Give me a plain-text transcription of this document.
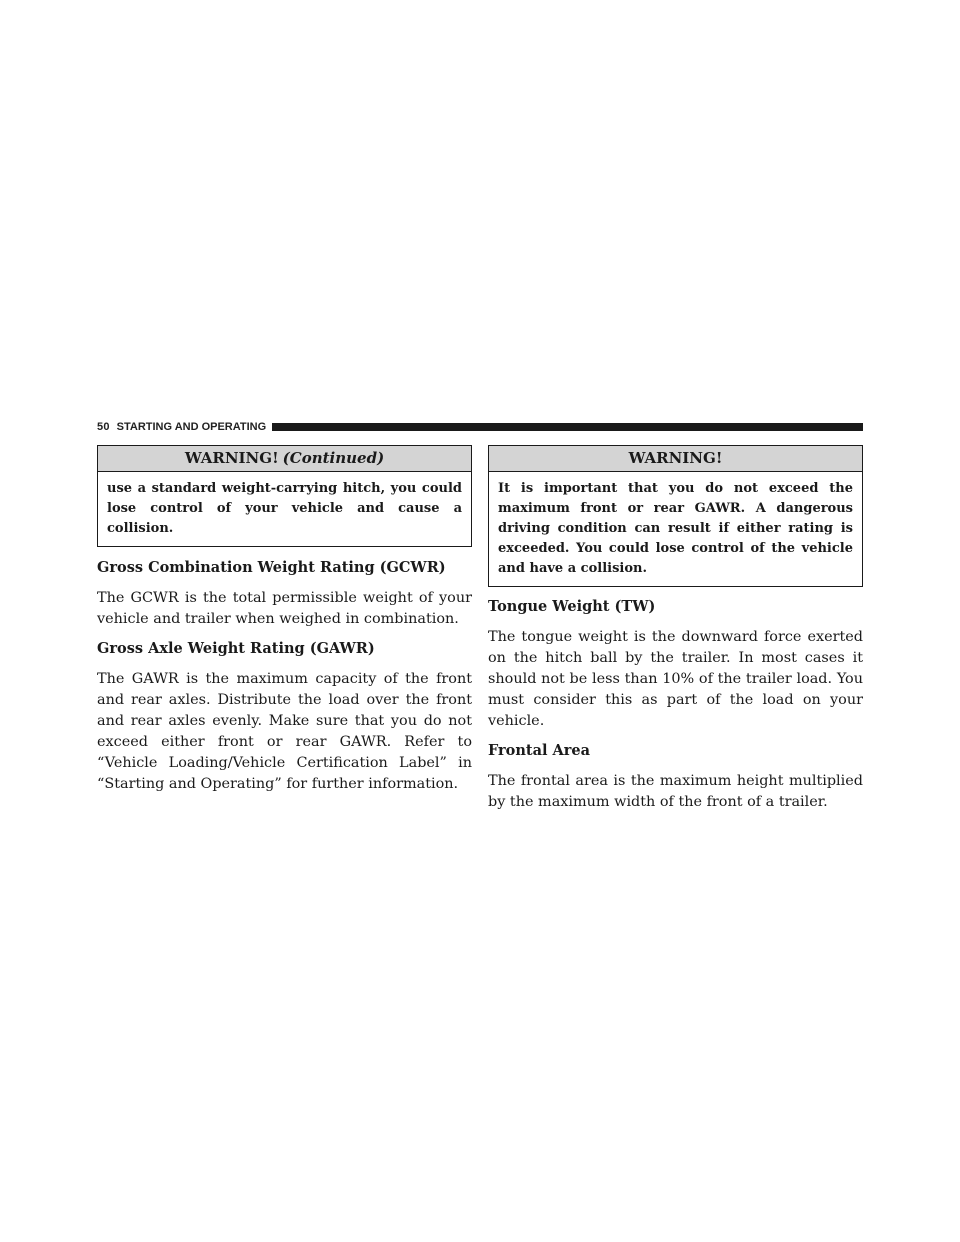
50 STARTING AND OPERATING
WARNING! (Continued)
use a standard weight-carrying hitch, you could lose control of your vehicle and cause a collision.

Gross Combination Weight Rating (GCWR)

The GCWR is the total permissible weight of your vehicle and trailer when weighed in combination.

Gross Axle Weight Rating (GAWR)

The GAWR is the maximum capacity of the front and rear axles. Distribute the load over the front and rear axles evenly. Make sure that you do not exceed either front or rear GAWR. Refer to “Vehicle Loading/Vehicle Certification Label” in “Starting and Operating” for further information.

WARNING!
It is important that you do not exceed the maximum front or rear GAWR. A dangerous driving condition can result if either rating is exceeded. You could lose control of the vehicle and have a collision.

Tongue Weight (TW)

The tongue weight is the downward force exerted on the hitch ball by the trailer. In most cases it should not be less than 10% of the trailer load. You must consider this as part of the load on your vehicle.

Frontal Area

The frontal area is the maximum height multiplied by the maximum width of the front of a trailer.
